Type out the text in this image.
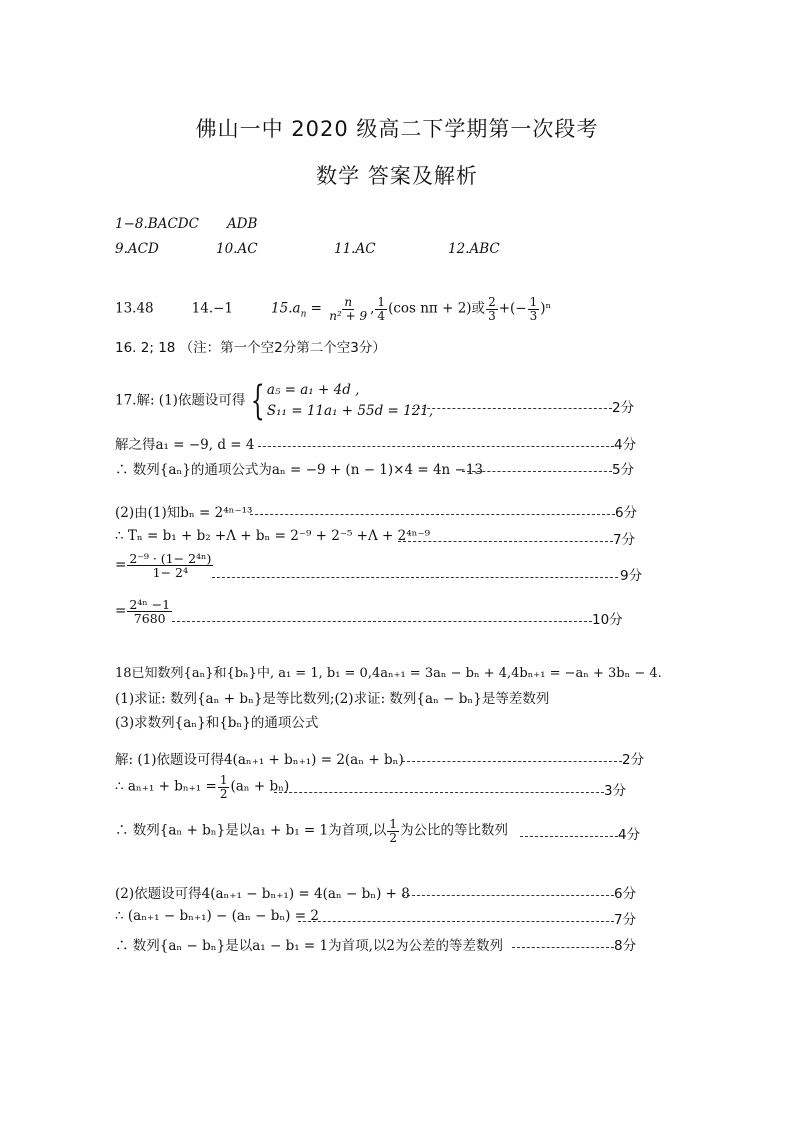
佛山一中 2020 级高二下学期第一次段考
数学 答案及解析
1−8.BACDC ADB
9.ACD	10.AC	11.AC	12.ABC
13.48	14.−1	$15.a_n = \frac{n}{\text{n² + 9}}$ , $\frac{1}{4} (\cos$ nπ + 2)或 $\frac{2}{3}$ +(− $\frac{1}{3} )^n$
16. 2; 18 （注：第一个空2分第二个空3分）
17.解: (1)依题设可得 { a₅ = a₁ + 4d ,
S₁₁ = 11a₁ + 55d = 121,	2分
解之得a₁ = −9, d = 4	4分
∴ 数列{aₙ}的通项公式为aₙ = −9 + (n − 1)×4 = 4n −13	5分
(2)由(1)知bₙ = 2⁴ⁿ⁻¹³	6分
∴ Tₙ = b₁ + b₂ +Λ + bₙ = 2⁻⁹ + 2⁻⁵ +Λ + 2⁴ⁿ⁻⁹	7分
= $\frac{\text{2⁻⁹ · (1− 2⁴ⁿ)}}{\text{1− 2⁴}}$	9分
= $\frac{\text{2⁴ⁿ −1}}{7680}$	10分
18已知数列{aₙ}和{bₙ}中, a₁ = 1, b₁ = 0,4aₙ₊₁ = 3aₙ − bₙ + 4,4bₙ₊₁ = −aₙ + 3bₙ − 4.
(1)求证: 数列{aₙ + bₙ}是等比数列;(2)求证: 数列{aₙ − bₙ}是等差数列
(3)求数列{aₙ}和{bₙ}的通项公式
解: (1)依题设可得4(aₙ₊₁ + bₙ₊₁) = 2(aₙ + bₙ)	2分
∴ $a_{n+1} + b_{n+1} = \frac{1}{2} (a_n + b_n)$	3分
∴ 数列{aₙ + bₙ}是以a₁ + b₁ = 1为首项,以 $\frac{1}{2}$ 为公比的等比数列	4分
(2)依题设可得4(aₙ₊₁ − bₙ₊₁) = 4(aₙ − bₙ) + 8	6分
∴ (aₙ₊₁ − bₙ₊₁) − (aₙ − bₙ) = 2	7分
∴ 数列{aₙ − bₙ}是以a₁ − b₁ = 1为首项,以2为公差的等差数列	8分
